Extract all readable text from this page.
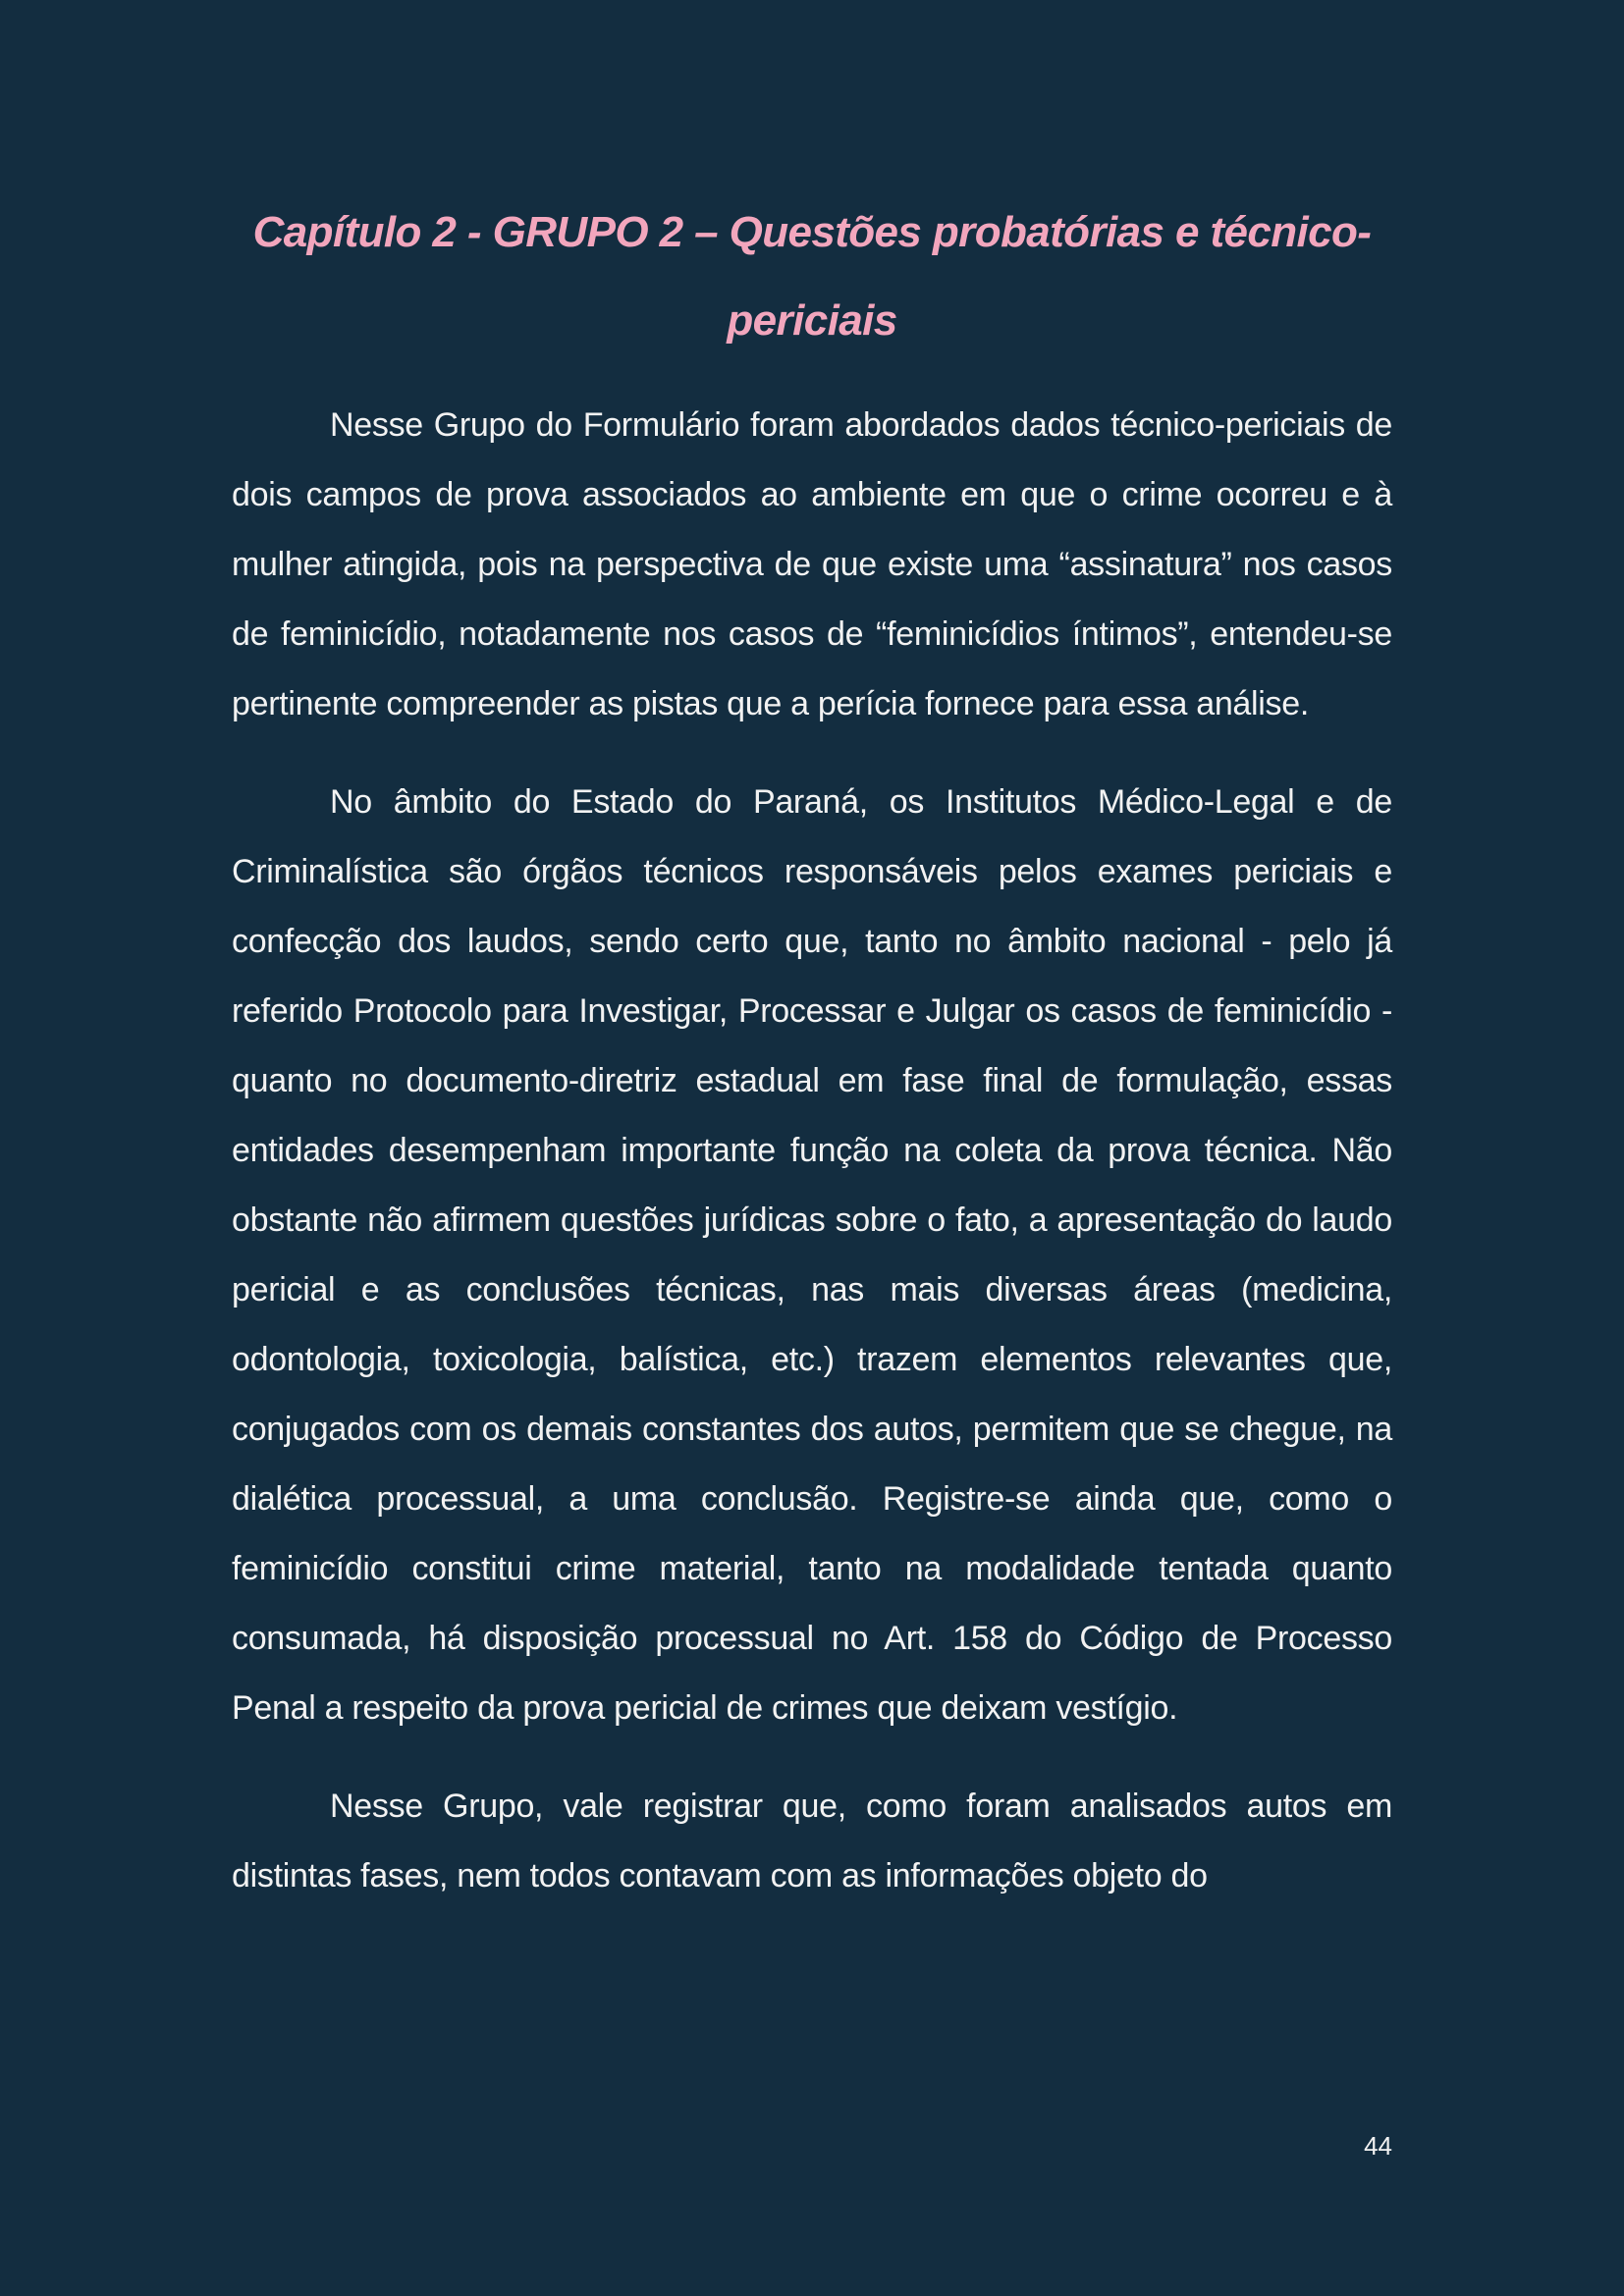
Capítulo 2 - GRUPO 2 – Questões probatórias e técnico-periciais

Nesse Grupo do Formulário foram abordados dados técnico-periciais de dois campos de prova associados ao ambiente em que o crime ocorreu e à mulher atingida, pois na perspectiva de que existe uma “assinatura” nos casos de feminicídio, notadamente nos casos de “feminicídios íntimos”, entendeu-se pertinente compreender as pistas que a perícia fornece para essa análise.

No âmbito do Estado do Paraná, os Institutos Médico-Legal e de Criminalística são órgãos técnicos responsáveis pelos exames periciais e confecção dos laudos, sendo certo que, tanto no âmbito nacional - pelo já referido Protocolo para Investigar, Processar e Julgar os casos de feminicídio - quanto no documento-diretriz estadual em fase final de formulação, essas entidades desempenham importante função na coleta da prova técnica. Não obstante não afirmem questões jurídicas sobre o fato, a apresentação do laudo pericial e as conclusões técnicas, nas mais diversas áreas (medicina, odontologia, toxicologia, balística, etc.) trazem elementos relevantes que, conjugados com os demais constantes dos autos, permitem que se chegue, na dialética processual, a uma conclusão. Registre-se ainda que, como o feminicídio constitui crime material, tanto na modalidade tentada quanto consumada, há disposição processual no Art. 158 do Código de Processo Penal a respeito da prova pericial de crimes que deixam vestígio.

Nesse Grupo, vale registrar que, como foram analisados autos em distintas fases, nem todos contavam com as informações objeto do

44
